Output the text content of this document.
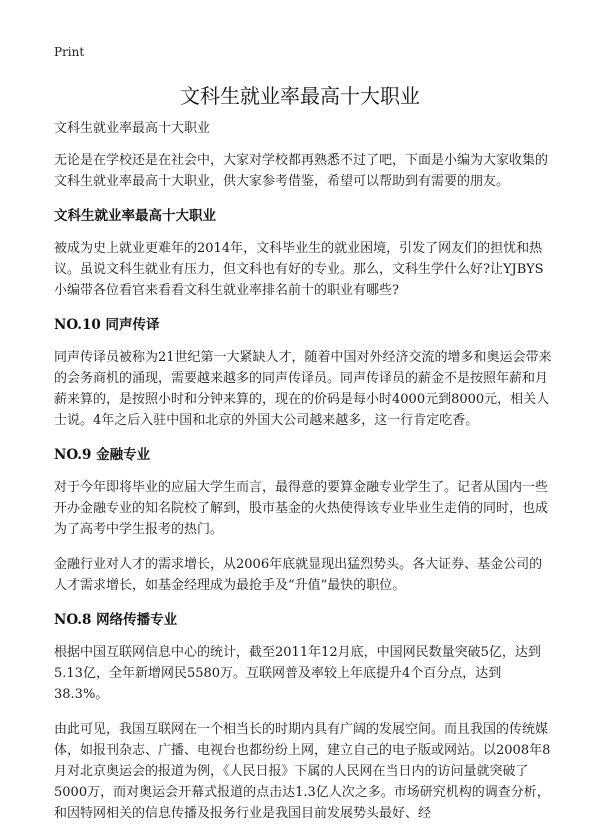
Print
文科生就业率最高十大职业

文科生就业率最高十大职业

无论是在学校还是在社会中，大家对学校都再熟悉不过了吧，下面是小编为大家收集的文科生就业率最高十大职业，供大家参考借鉴，希望可以帮助到有需要的朋友。

文科生就业率最高十大职业

被成为史上就业更难年的2014年，文科毕业生的就业困境，引发了网友们的担忧和热议。虽说文科生就业有压力，但文科也有好的专业。那么，文科生学什么好?让YJBYS小编带各位看官来看看文科生就业率排名前十的职业有哪些?

NO.10 同声传译

同声传译员被称为21世纪第一大紧缺人才，随着中国对外经济交流的增多和奥运会带来的会务商机的涌现，需要越来越多的同声传译员。同声传译员的薪金不是按照年薪和月薪来算的，是按照小时和分钟来算的，现在的价码是每小时4000元到8000元，相关人士说。4年之后入驻中国和北京的外国大公司越来越多，这一行肯定吃香。

NO.9 金融专业

对于今年即将毕业的应届大学生而言，最得意的要算金融专业学生了。记者从国内一些开办金融专业的知名院校了解到，股市基金的火热使得该专业毕业生走俏的同时，也成为了高考中学生报考的热门。

金融行业对人才的需求增长，从2006年底就显现出猛烈势头。各大证券、基金公司的人才需求增长，如基金经理成为最抢手及“升值”最快的职位。

NO.8 网络传播专业

根据中国互联网信息中心的统计，截至2011年12月底，中国网民数量突破5亿，达到5.13亿，全年新增网民5580万。互联网普及率较上年底提升4个百分点，达到38.3%。

由此可见，我国互联网在一个相当长的时期内具有广阔的发展空间。而且我国的传统媒体，如报刊杂志、广播、电视台也都纷纷上网，建立自己的电子版或网站。以2008年8月对北京奥运会的报道为例，《人民日报》下属的人民网在当日内的访问量就突破了5000万，而对奥运会开幕式报道的点击达1.3亿人次之多。市场研究机构的调查分析，和因特网相关的信息传播及报务行业是我国目前发展势头最好、经
